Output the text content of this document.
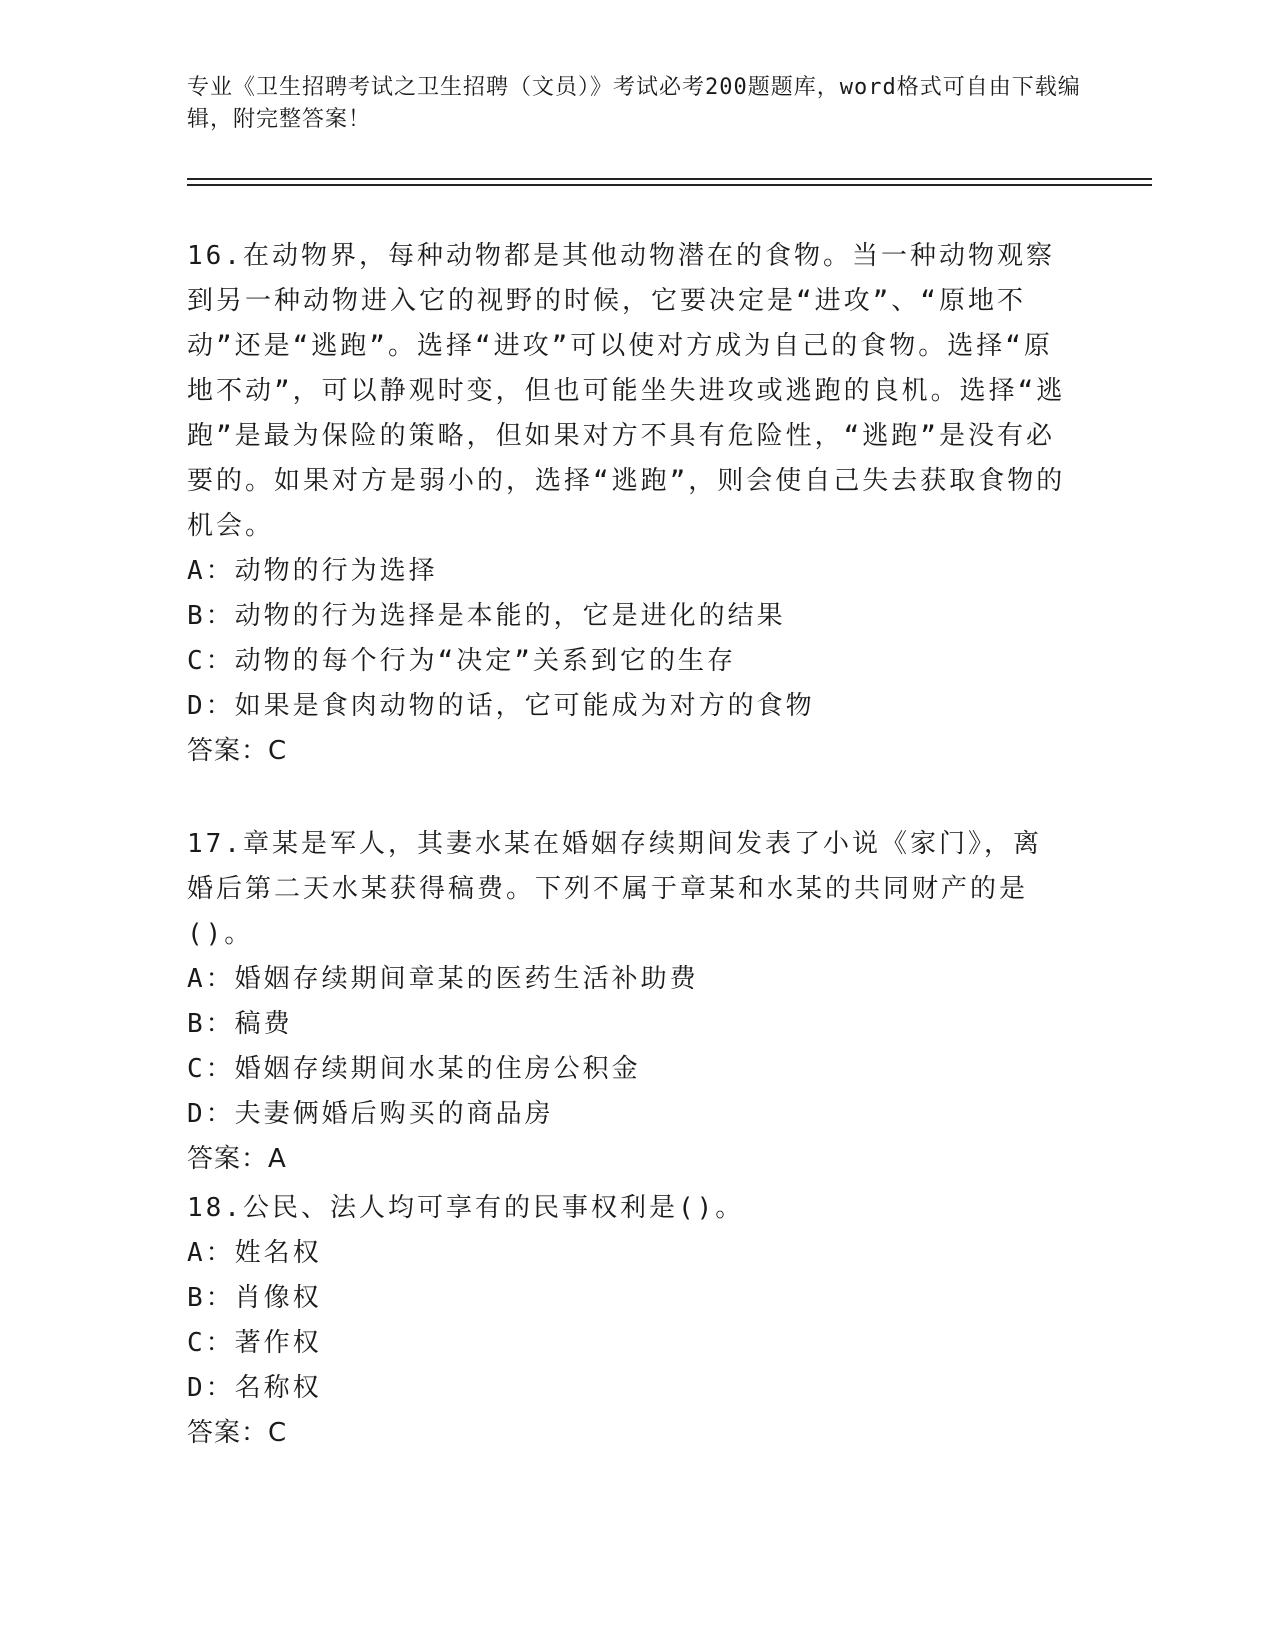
专业《卫生招聘考试之卫生招聘（文员）》考试必考200题题库，word格式可自由下载编辑，附完整答案！

16.在动物界，每种动物都是其他动物潜在的食物。当一种动物观察到另一种动物进入它的视野的时候，它要决定是“进攻”、“原地不动”还是“逃跑”。选择“进攻”可以使对方成为自己的食物。选择“原地不动”，可以静观时变，但也可能坐失进攻或逃跑的良机。选择“逃跑”是最为保险的策略，但如果对方不具有危险性，“逃跑”是没有必要的。如果对方是弱小的，选择“逃跑”，则会使自己失去获取食物的机会。

A：动物的行为选择

B：动物的行为选择是本能的，它是进化的结果

C：动物的每个行为“决定”关系到它的生存

D：如果是食肉动物的话，它可能成为对方的食物

答案：C

17.章某是军人，其妻水某在婚姻存续期间发表了小说《家门》，离婚后第二天水某获得稿费。下列不属于章某和水某的共同财产的是()。

A：婚姻存续期间章某的医药生活补助费

B：稿费

C：婚姻存续期间水某的住房公积金

D：夫妻俩婚后购买的商品房

答案：A

18.公民、法人均可享有的民事权利是()。

A：姓名权

B：肖像权

C：著作权

D：名称权

答案：C
